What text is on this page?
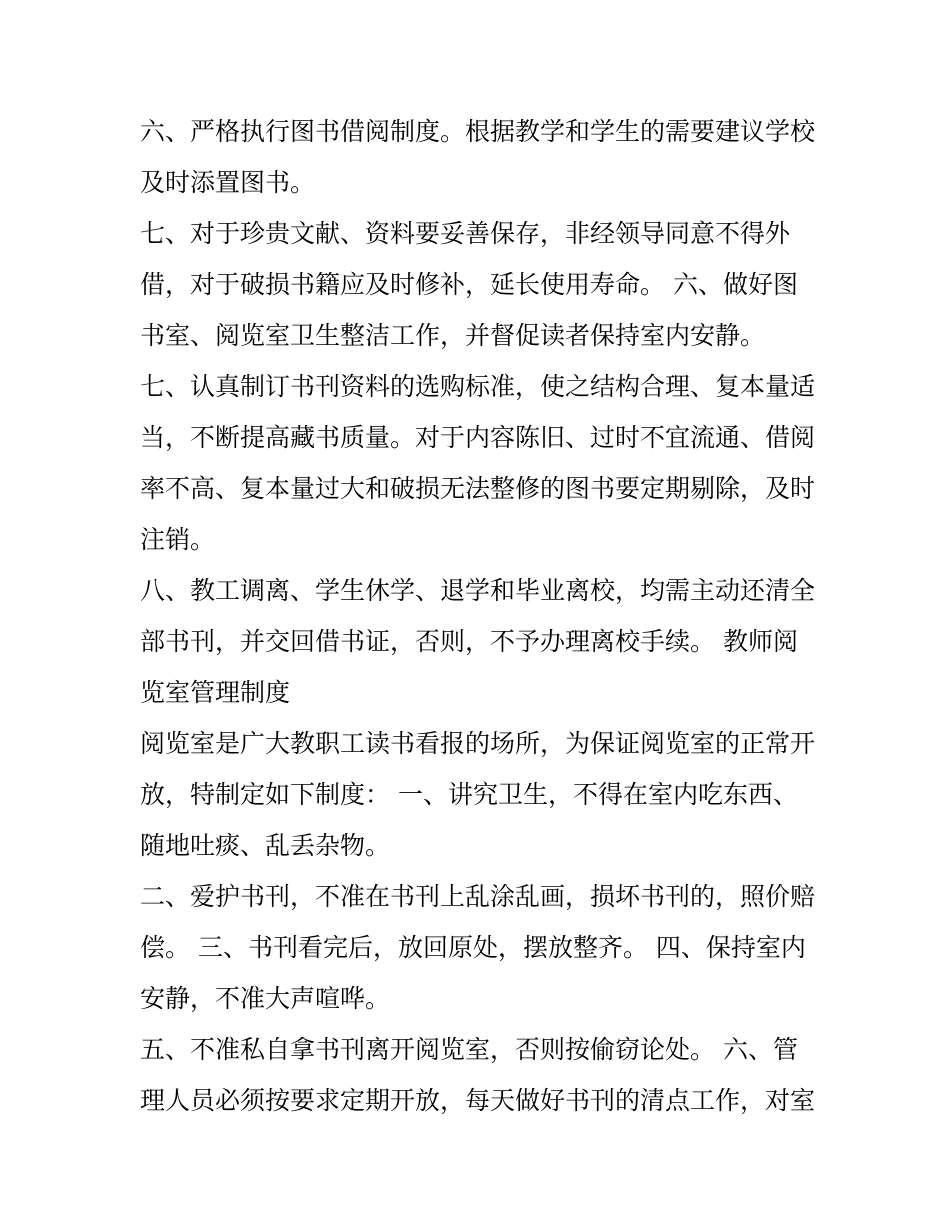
六、严格执行图书借阅制度。根据教学和学生的需要建议学校
及时添置图书。

七、对于珍贵文献、资料要妥善保存，非经领导同意不得外
借，对于破损书籍应及时修补，延长使用寿命。 六、做好图
书室、阅览室卫生整洁工作，并督促读者保持室内安静。

七、认真制订书刊资料的选购标准，使之结构合理、复本量适
当，不断提高藏书质量。对于内容陈旧、过时不宜流通、借阅
率不高、复本量过大和破损无法整修的图书要定期剔除，及时
注销。

八、教工调离、学生休学、退学和毕业离校，均需主动还清全
部书刊，并交回借书证，否则，不予办理离校手续。 教师阅
览室管理制度

阅览室是广大教职工读书看报的场所，为保证阅览室的正常开
放，特制定如下制度： 一、讲究卫生，不得在室内吃东西、
随地吐痰、乱丢杂物。

二、爱护书刊，不准在书刊上乱涂乱画，损坏书刊的，照价赔
偿。 三、书刊看完后，放回原处，摆放整齐。 四、保持室内
安静，不准大声喧哗。

五、不准私自拿书刊离开阅览室，否则按偷窃论处。 六、管
理人员必须按要求定期开放，每天做好书刊的清点工作，对室
